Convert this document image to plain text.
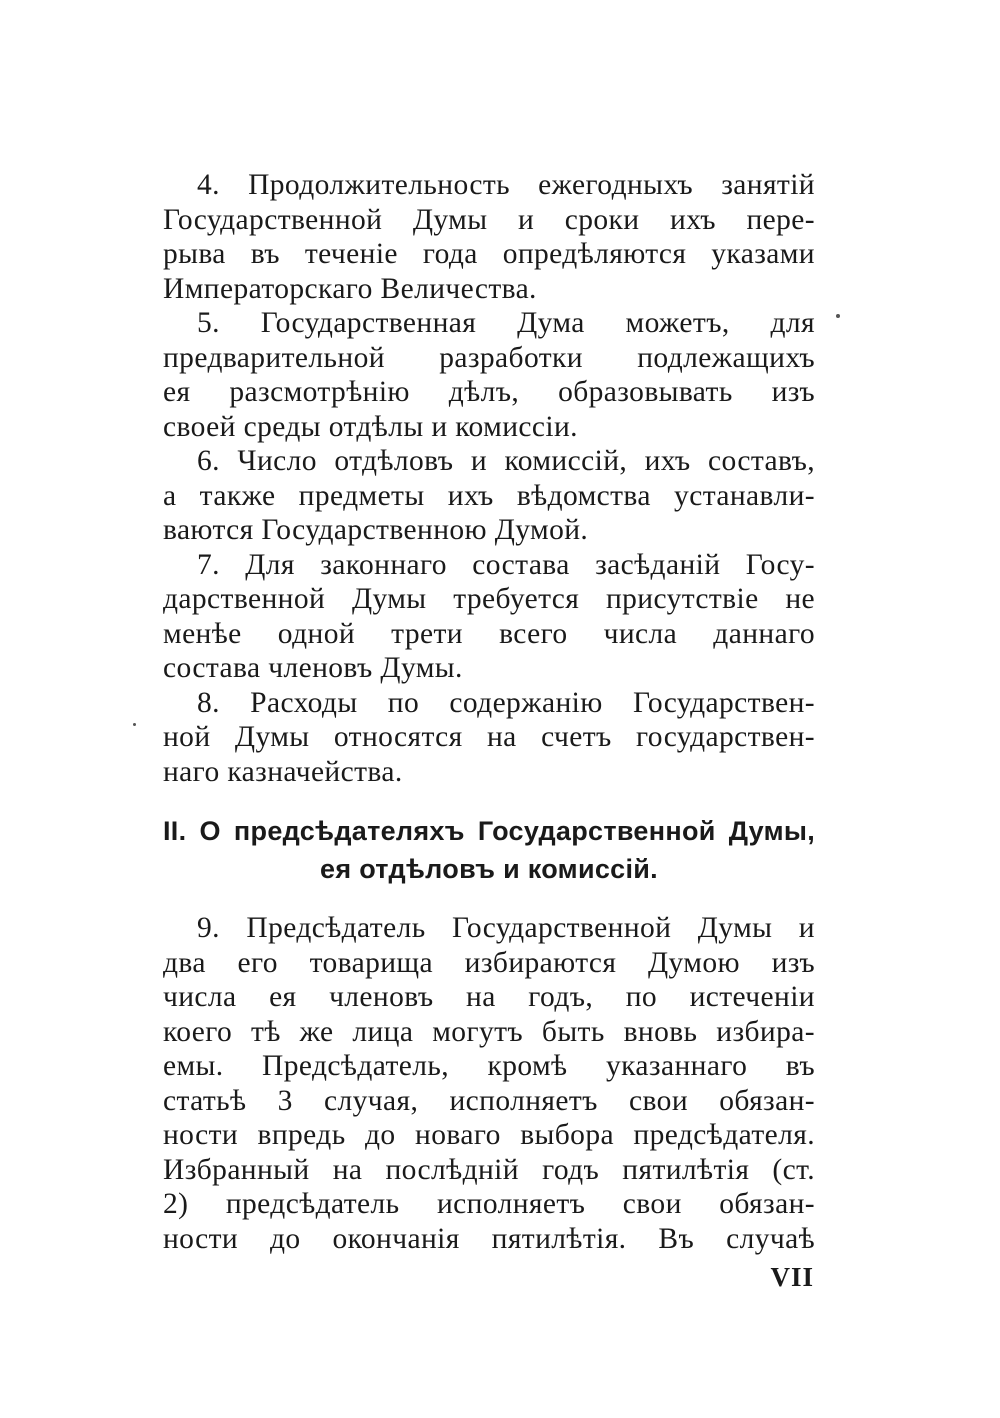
4. Продолжительность ежегодныхъ занятій
Государственной Думы и сроки ихъ пере-
рыва въ теченіе года опредѣляются указами
Императорскаго Величества.
5. Государственная Дума можетъ, для
предварительной разработки подлежащихъ
ея разсмотрѣнію дѣлъ, образовывать изъ
своей среды отдѣлы и комиссіи.
6. Число отдѣловъ и комиссій, ихъ составъ,
а также предметы ихъ вѣдомства устанавли-
ваются Государственною Думой.
7. Для законнаго состава засѣданій Госу-
дарственной Думы требуется присутствіе не
менѣе одной трети всего числа даннаго
состава членовъ Думы.
8. Расходы по содержанію Государствен-
ной Думы относятся на счетъ государствен-
наго казначейства.
II. О предсѣдателяхъ Государственной Думы,
ея отдѣловъ и комиссій.
9. Предсѣдатель Государственной Думы и
два его товарища избираются Думою изъ
числа ея членовъ на годъ, по истеченіи
коего тѣ же лица могутъ быть вновь избира-
емы. Предсѣдатель, кромѣ указаннаго въ
статьѣ 3 случая, исполняетъ свои обязан-
ности впредь до новаго выбора предсѣдателя.
Избранный на послѣдній годъ пятилѣтія (ст.
2) предсѣдатель исполняетъ свои обязан-
ности до окончанія пятилѣтія. Въ случаѣ
VII
